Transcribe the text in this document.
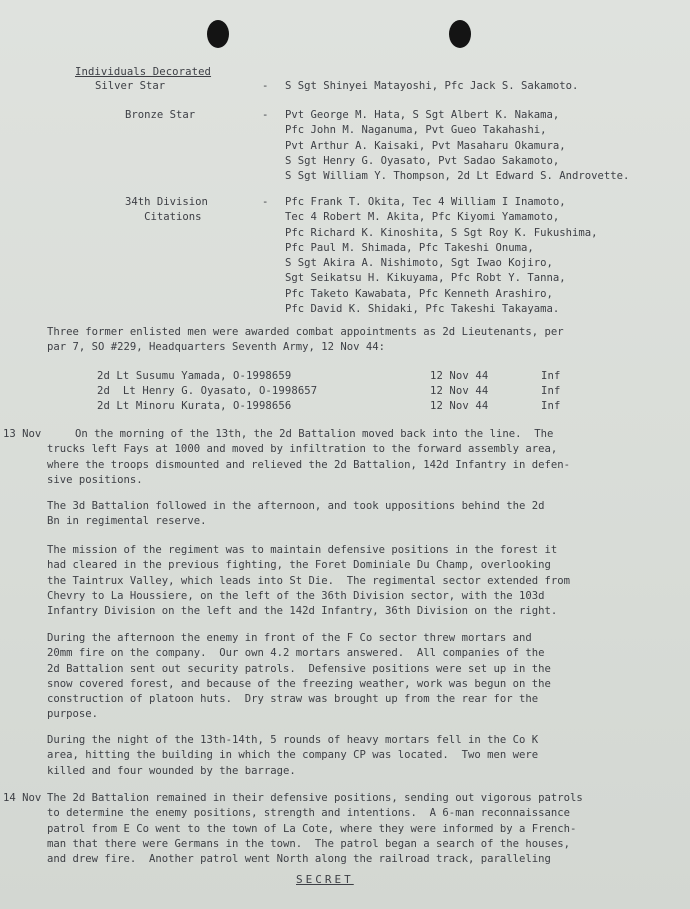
Individuals Decorated
Silver Star	- S Sgt Shinyei Matayoshi, Pfc Jack S. Sakamoto.
Bronze Star	- Pvt George M. Hata, S Sgt Albert K. Nakama,
Pfc John M. Naganuma, Pvt Gueo Takahashi,
Pvt Arthur A. Kaisaki, Pvt Masaharu Okamura,
S Sgt Henry G. Oyasato, Pvt Sadao Sakamoto,
S Sgt William Y. Thompson, 2d Lt Edward S. Androvette.
34th Division
Citations
- Pfc Frank T. Okita, Tec 4 William I Inamoto,
Tec 4 Robert M. Akita, Pfc Kiyomi Yamamoto,
Pfc Richard K. Kinoshita, S Sgt Roy K. Fukushima,
Pfc Paul M. Shimada, Pfc Takeshi Onuma,
S Sgt Akira A. Nishimoto, Sgt Iwao Kojiro,
Sgt Seikatsu H. Kikuyama, Pfc Robt Y. Tanna,
Pfc Taketo Kawabata, Pfc Kenneth Arashiro,
Pfc David K. Shidaki, Pfc Takeshi Takayama.
Three former enlisted men were awarded combat appointments as 2d Lieutenants, per
par 7, SO #229, Headquarters Seventh Army, 12 Nov 44:
2d Lt Susumu Yamada, O-1998659	12 Nov 44	Inf
2d  Lt Henry G. Oyasato, O-1998657	12 Nov 44	Inf
2d Lt Minoru Kurata, O-1998656	12 Nov 44	Inf
13 Nov	On the morning of the 13th, the 2d Battalion moved back into the line.  The
trucks left Fays at 1000 and moved by infiltration to the forward assembly area,
where the troops dismounted and relieved the 2d Battalion, 142d Infantry in defen-
sive positions.
The 3d Battalion followed in the afternoon, and took uppositions behind the 2d
Bn in regimental reserve.
The mission of the regiment was to maintain defensive positions in the forest it
had cleared in the previous fighting, the Foret Dominiale Du Champ, overlooking
the Taintrux Valley, which leads into St Die.  The regimental sector extended from
Chevry to La Houssiere, on the left of the 36th Division sector, with the 103d
Infantry Division on the left and the 142d Infantry, 36th Division on the right.
During the afternoon the enemy in front of the F Co sector threw mortars and
20mm fire on the company.  Our own 4.2 mortars answered.  All companies of the
2d Battalion sent out security patrols.  Defensive positions were set up in the
snow covered forest, and because of the freezing weather, work was begun on the
construction of platoon huts.  Dry straw was brought up from the rear for the
purpose.
During the night of the 13th-14th, 5 rounds of heavy mortars fell in the Co K
area, hitting the building in which the company CP was located.  Two men were
killed and four wounded by the barrage.
14 Nov The 2d Battalion remained in their defensive positions, sending out vigorous patrols
to determine the enemy positions, strength and intentions.  A 6-man reconnaissance
patrol from E Co went to the town of La Cote, where they were informed by a French-
man that there were Germans in the town.  The patrol began a search of the houses,
and drew fire.  Another patrol went North along the railroad track, paralleling
SECRET
